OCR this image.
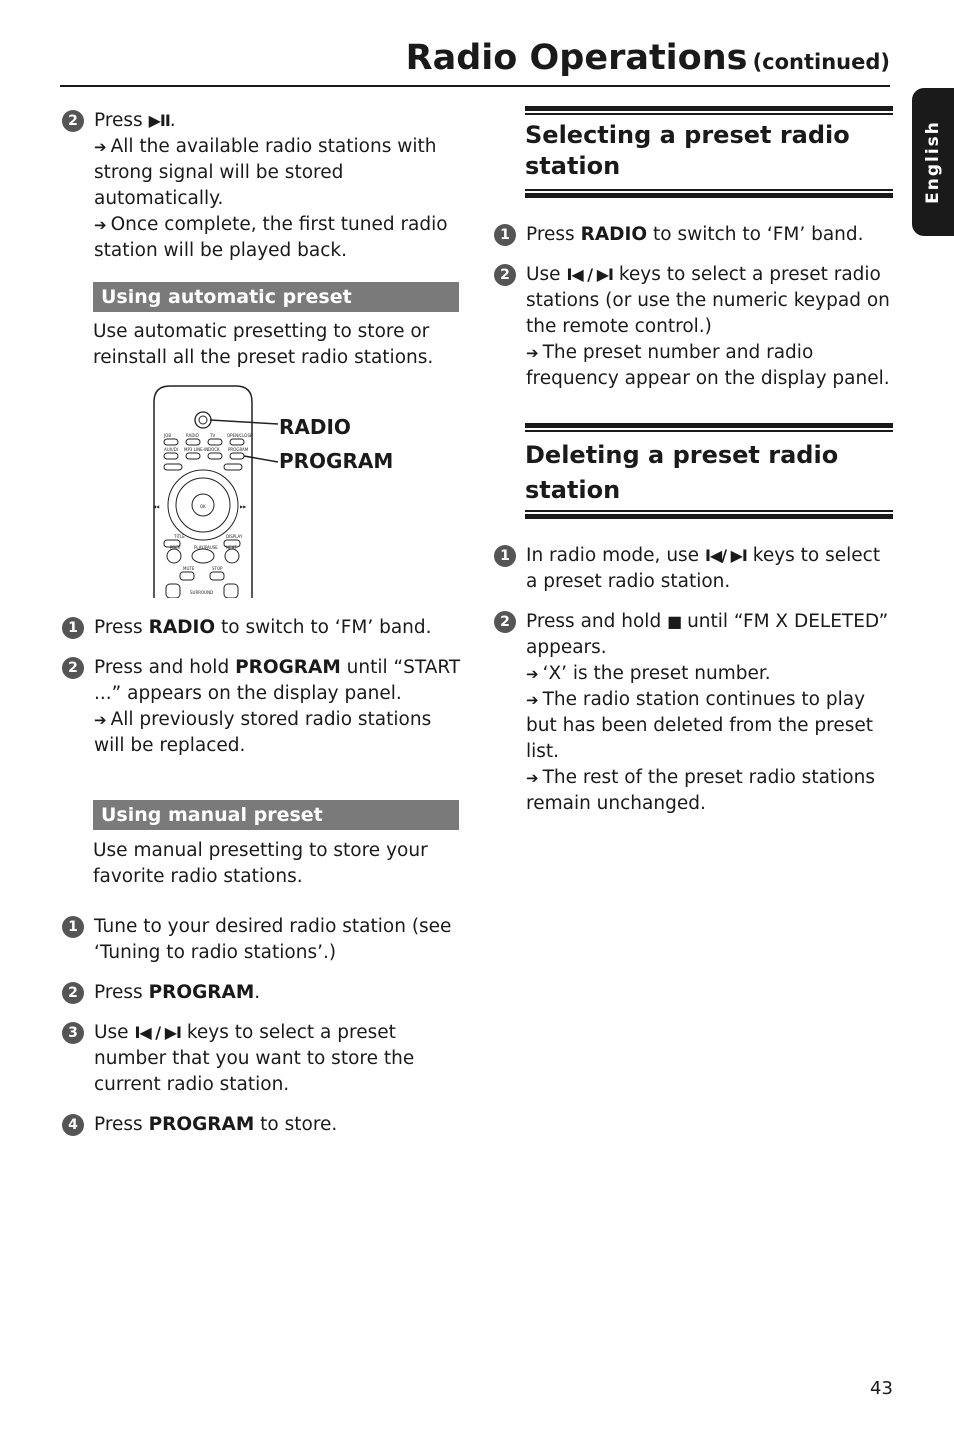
Radio Operations (continued)
English
2 Press ▶II.
➔ All the available radio stations with strong signal will be stored automatically.
➔ Once complete, the first tuned radio station will be played back.
Using automatic preset
Use automatic presetting to store or reinstall all the preset radio stations.
JOB	RADIO	TV	OPEN/CLOSE
AUX/DI MP3 LINE-IN DOCK PROGRAM
OK
TITLE	DISPLAY
PREV	PLAY/PAUSE NEXT
MUTE	STOP
SURROUND
◀◀	▶▶
RADIO
PROGRAM
1 Press RADIO to switch to ‘FM’ band.
2 Press and hold PROGRAM until “START ...” appears on the display panel.
➔ All previously stored radio stations will be replaced.
Using manual preset
Use manual presetting to store your favorite radio stations.
1 Tune to your desired radio station (see ‘Tuning to radio stations’.)
2 Press PROGRAM.
3 Use I◀ / ▶I keys to select a preset number that you want to store the current radio station.
4 Press PROGRAM to store.
Selecting a preset radio station
1 Press RADIO to switch to ‘FM’ band.
2 Use I◀ / ▶I keys to select a preset radio stations (or use the numeric keypad on the remote control.)
➔ The preset number and radio frequency appear on the display panel.
Deleting a preset radio station
1 In radio mode, use I◀/ ▶I keys to select a preset radio station.
2 Press and hold ■ until “FM X DELETED” appears.
➔ ‘X’ is the preset number.
➔ The radio station continues to play but has been deleted from the preset list.
➔ The rest of the preset radio stations remain unchanged.
43
